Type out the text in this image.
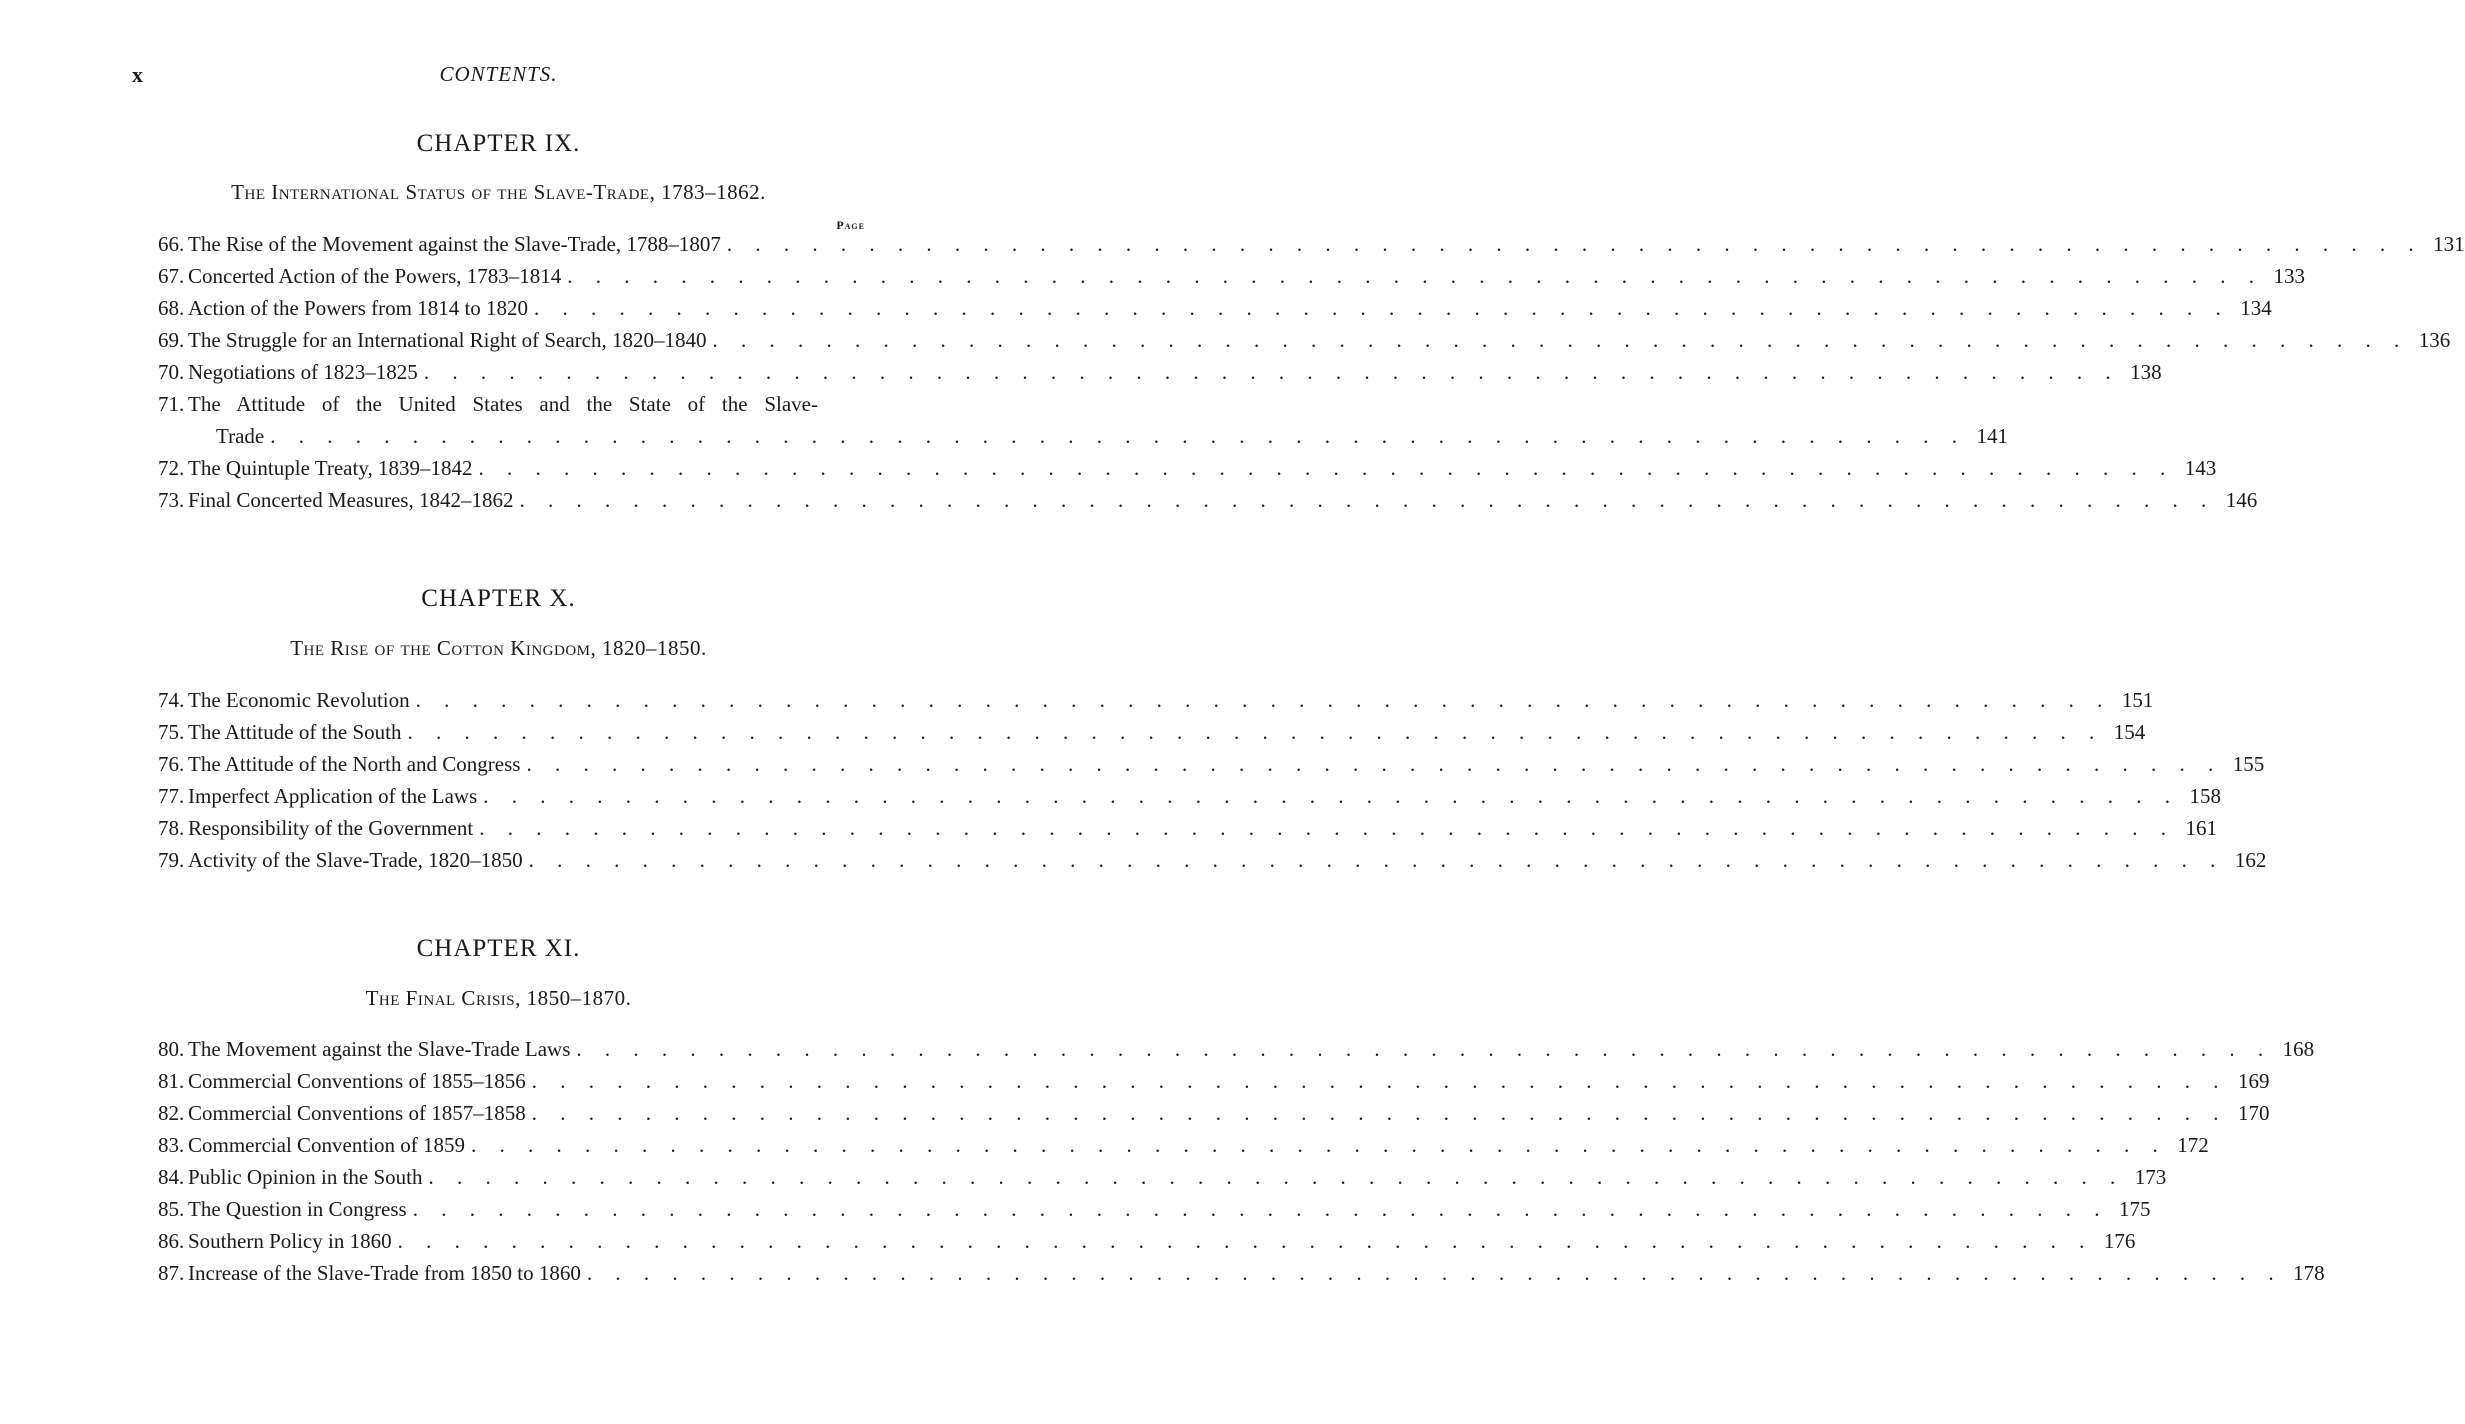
x	CONTENTS.
CHAPTER IX.
The International Status of the Slave-Trade, 1783–1862.
Page
66. The Rise of the Movement against the Slave-Trade, 1788–1807 . . . . . . . . . . . . . . . . . . . . . . . . . . . . . . . . . . . . . . . . . . . . . . . . . . . . . . . . . . . . 131
67. Concerted Action of the Powers, 1783–1814 . . . . . . . . . . . . . . . . . . . . . . . . . . . . . . . . . . . . . . . . . . . . . . . . . . . . . . . . . . . . 133
68. Action of the Powers from 1814 to 1820 . . . . . . . . . . . . . . . . . . . . . . . . . . . . . . . . . . . . . . . . . . . . . . . . . . . . . . . . . . . . 134
69. The Struggle for an International Right of Search, 1820–1840 . . . . . . . . . . . . . . . . . . . . . . . . . . . . . . . . . . . . . . . . . . . . . . . . . . . . . . . . . . . . 136
70. Negotiations of 1823–1825 . . . . . . . . . . . . . . . . . . . . . . . . . . . . . . . . . . . . . . . . . . . . . . . . . . . . . . . . . . . . 138
71. The Attitude of the United States and the State of the Slave-
Trade . . . . . . . . . . . . . . . . . . . . . . . . . . . . . . . . . . . . . . . . . . . . . . . . . . . . . . . . . . . . 141
72. The Quintuple Treaty, 1839–1842 . . . . . . . . . . . . . . . . . . . . . . . . . . . . . . . . . . . . . . . . . . . . . . . . . . . . . . . . . . . . 143
73. Final Concerted Measures, 1842–1862 . . . . . . . . . . . . . . . . . . . . . . . . . . . . . . . . . . . . . . . . . . . . . . . . . . . . . . . . . . . . 146
74. The Economic Revolution . . . . . . . . . . . . . . . . . . . . . . . . . . . . . . . . . . . . . . . . . . . . . . . . . . . . . . . . . . . . 151
75. The Attitude of the South . . . . . . . . . . . . . . . . . . . . . . . . . . . . . . . . . . . . . . . . . . . . . . . . . . . . . . . . . . . . 154
76. The Attitude of the North and Congress . . . . . . . . . . . . . . . . . . . . . . . . . . . . . . . . . . . . . . . . . . . . . . . . . . . . . . . . . . . . 155
77. Imperfect Application of the Laws . . . . . . . . . . . . . . . . . . . . . . . . . . . . . . . . . . . . . . . . . . . . . . . . . . . . . . . . . . . . 158
78. Responsibility of the Government . . . . . . . . . . . . . . . . . . . . . . . . . . . . . . . . . . . . . . . . . . . . . . . . . . . . . . . . . . . . 161
79. Activity of the Slave-Trade, 1820–1850 . . . . . . . . . . . . . . . . . . . . . . . . . . . . . . . . . . . . . . . . . . . . . . . . . . . . . . . . . . . . 162
80. The Movement against the Slave-Trade Laws . . . . . . . . . . . . . . . . . . . . . . . . . . . . . . . . . . . . . . . . . . . . . . . . . . . . . . . . . . . . 168
81. Commercial Conventions of 1855–1856 . . . . . . . . . . . . . . . . . . . . . . . . . . . . . . . . . . . . . . . . . . . . . . . . . . . . . . . . . . . . 169
82. Commercial Conventions of 1857–1858 . . . . . . . . . . . . . . . . . . . . . . . . . . . . . . . . . . . . . . . . . . . . . . . . . . . . . . . . . . . . 170
83. Commercial Convention of 1859 . . . . . . . . . . . . . . . . . . . . . . . . . . . . . . . . . . . . . . . . . . . . . . . . . . . . . . . . . . . . 172
84. Public Opinion in the South . . . . . . . . . . . . . . . . . . . . . . . . . . . . . . . . . . . . . . . . . . . . . . . . . . . . . . . . . . . . 173
85. The Question in Congress . . . . . . . . . . . . . . . . . . . . . . . . . . . . . . . . . . . . . . . . . . . . . . . . . . . . . . . . . . . . 175
86. Southern Policy in 1860 . . . . . . . . . . . . . . . . . . . . . . . . . . . . . . . . . . . . . . . . . . . . . . . . . . . . . . . . . . . . 176
87. Increase of the Slave-Trade from 1850 to 1860 . . . . . . . . . . . . . . . . . . . . . . . . . . . . . . . . . . . . . . . . . . . . . . . . . . . . . . . . . . . . 178
CHAPTER X.
The Rise of the Cotton Kingdom, 1820–1850.
CHAPTER XI.
The Final Crisis, 1850–1870.
